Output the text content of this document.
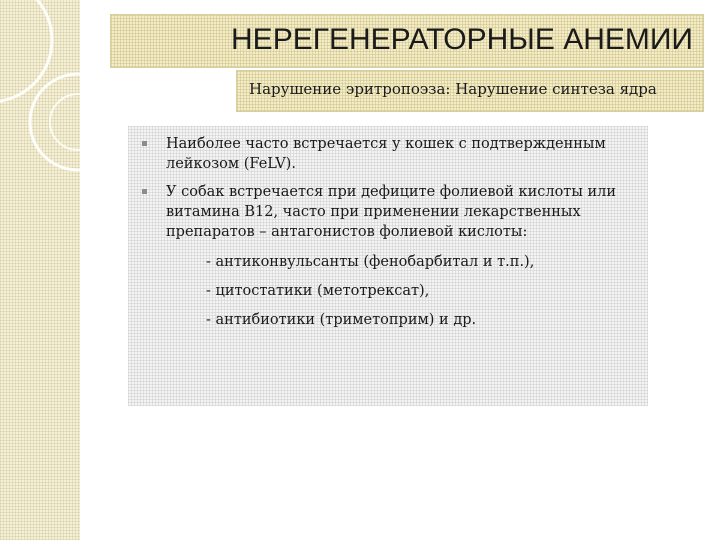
НЕРЕГЕНЕРАТОРНЫЕ АНЕМИИ
Нарушение эритропоэза: Нарушение синтеза ядра
Наиболее часто встречается у кошек с подтвержденным лейкозом (FeLV).
У собак встречается при дефиците фолиевой кислоты или витамина В12, часто при применении лекарственных препаратов – антагонистов фолиевой кислоты:
- антиконвульсанты (фенобарбитал и т.п.),
- цитостатики (метотрексат),
- антибиотики (триметоприм) и др.
